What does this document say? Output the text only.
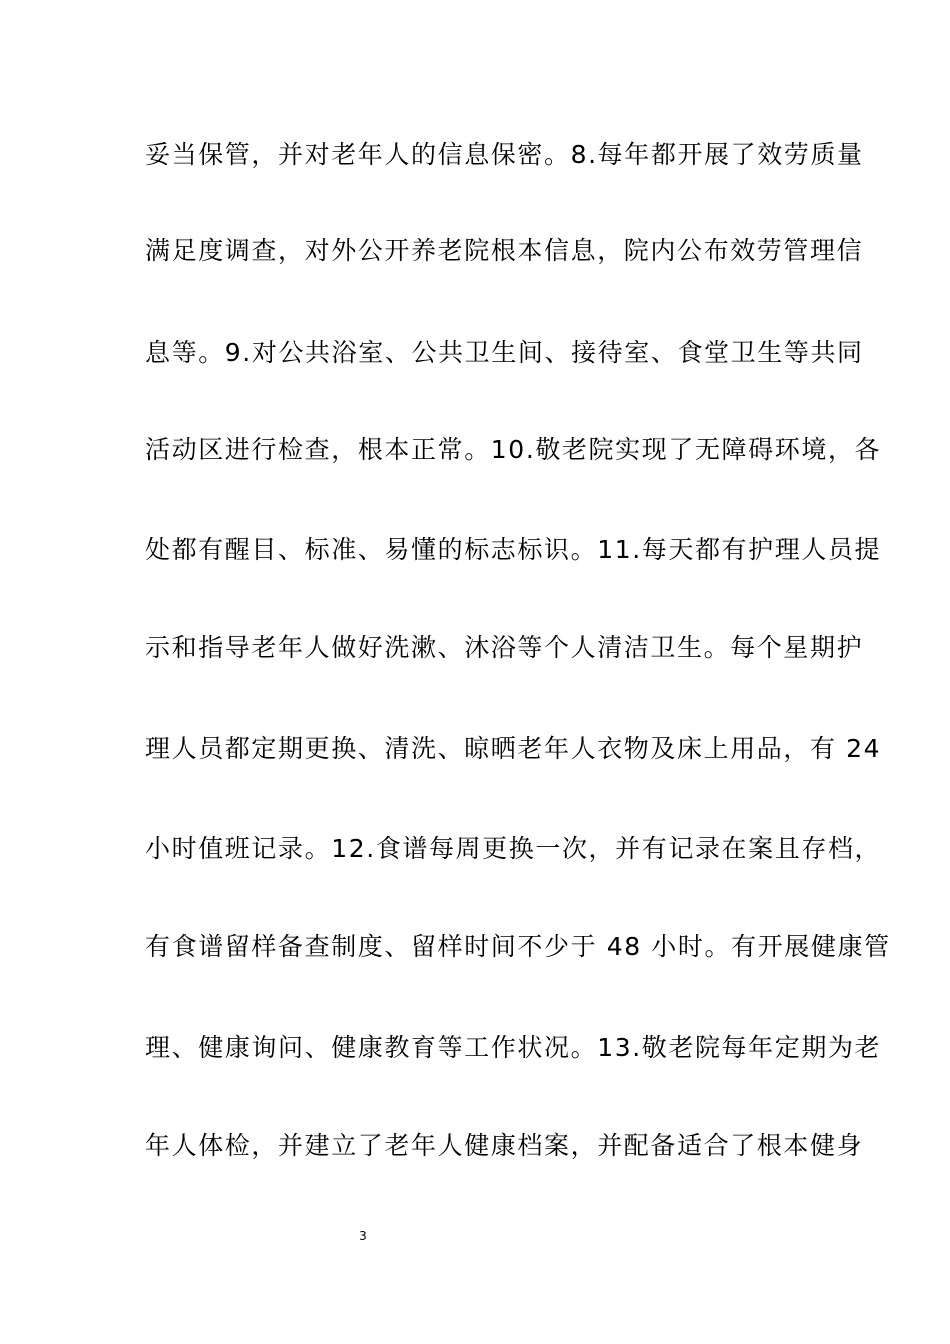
妥当保管，并对老年人的信息保密。8.每年都开展了效劳质量
满足度调查，对外公开养老院根本信息，院内公布效劳管理信
息等。9.对公共浴室、公共卫生间、接待室、食堂卫生等共同
活动区进行检查，根本正常。10.敬老院实现了无障碍环境，各
处都有醒目、标准、易懂的标志标识。11.每天都有护理人员提
示和指导老年人做好洗漱、沐浴等个人清洁卫生。每个星期护
理人员都定期更换、清洗、晾晒老年人衣物及床上用品，有 24
小时值班记录。12.食谱每周更换一次，并有记录在案且存档，
有食谱留样备查制度、留样时间不少于 48 小时。有开展健康管
理、健康询问、健康教育等工作状况。13.敬老院每年定期为老
年人体检，并建立了老年人健康档案，并配备适合了根本健身
3
